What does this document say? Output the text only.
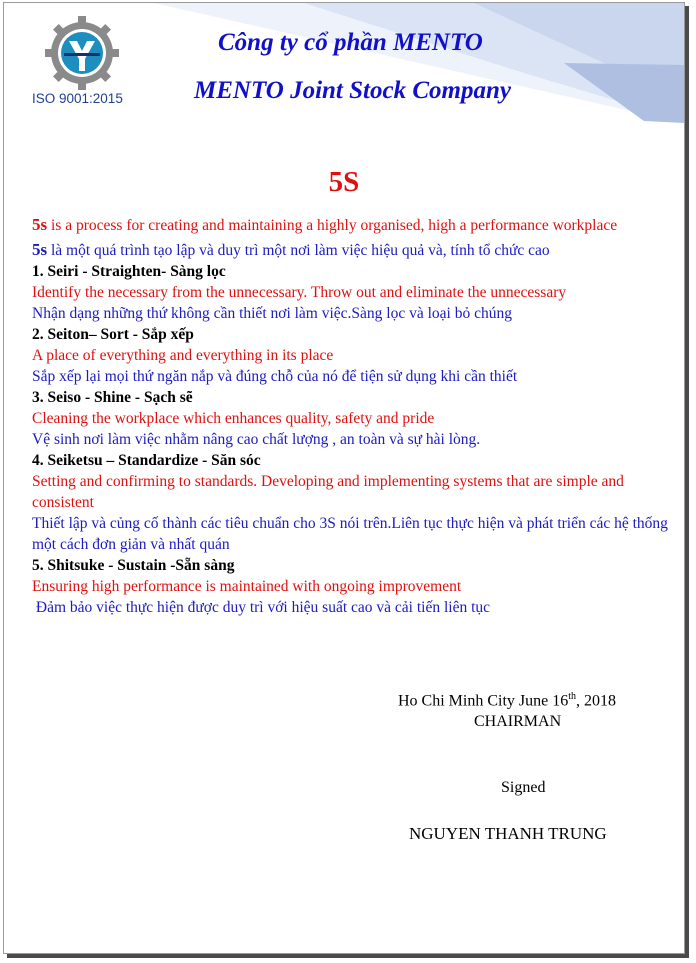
ISO 9001:2015
Công ty cổ phần MENTO
MENTO Joint Stock Company
5S

5s is a process for creating and maintaining a highly organised, high a performance workplace

5s là một quá trình tạo lập và duy trì một nơi làm việc hiệu quả và, tính tổ chức cao

1. Seiri - Straighten- Sàng lọc

Identify the necessary from the unnecessary. Throw out and eliminate the unnecessary

Nhận dạng những thứ không cần thiết nơi làm việc.Sàng lọc và loại bỏ chúng

2. Seiton– Sort - Sắp xếp

A place of everything and everything in its place

Sắp xếp lại mọi thứ ngăn nắp và đúng chỗ của nó để tiện sử dụng khi cần thiết

3. Seiso - Shine - Sạch sẽ

Cleaning the workplace which enhances quality, safety and pride

Vệ sinh nơi làm việc nhằm nâng cao chất lượng , an toàn và sự hài lòng.

4. Seiketsu – Standardize - Săn sóc

Setting and confirming to standards. Developing and implementing systems that are simple and consistent

Thiết lập và củng cố thành các tiêu chuẩn cho 3S nói trên.Liên tục thực hiện và phát triển các hệ thống một cách đơn giản và nhất quán

5. Shitsuke - Sustain -Sẵn sàng

Ensuring high performance is maintained with ongoing improvement

Đảm bảo việc thực hiện được duy trì với hiệu suất cao và cải tiến liên tục

Ho Chi Minh City June 16th, 2018
CHAIRMAN
Signed
NGUYEN THANH TRUNG
